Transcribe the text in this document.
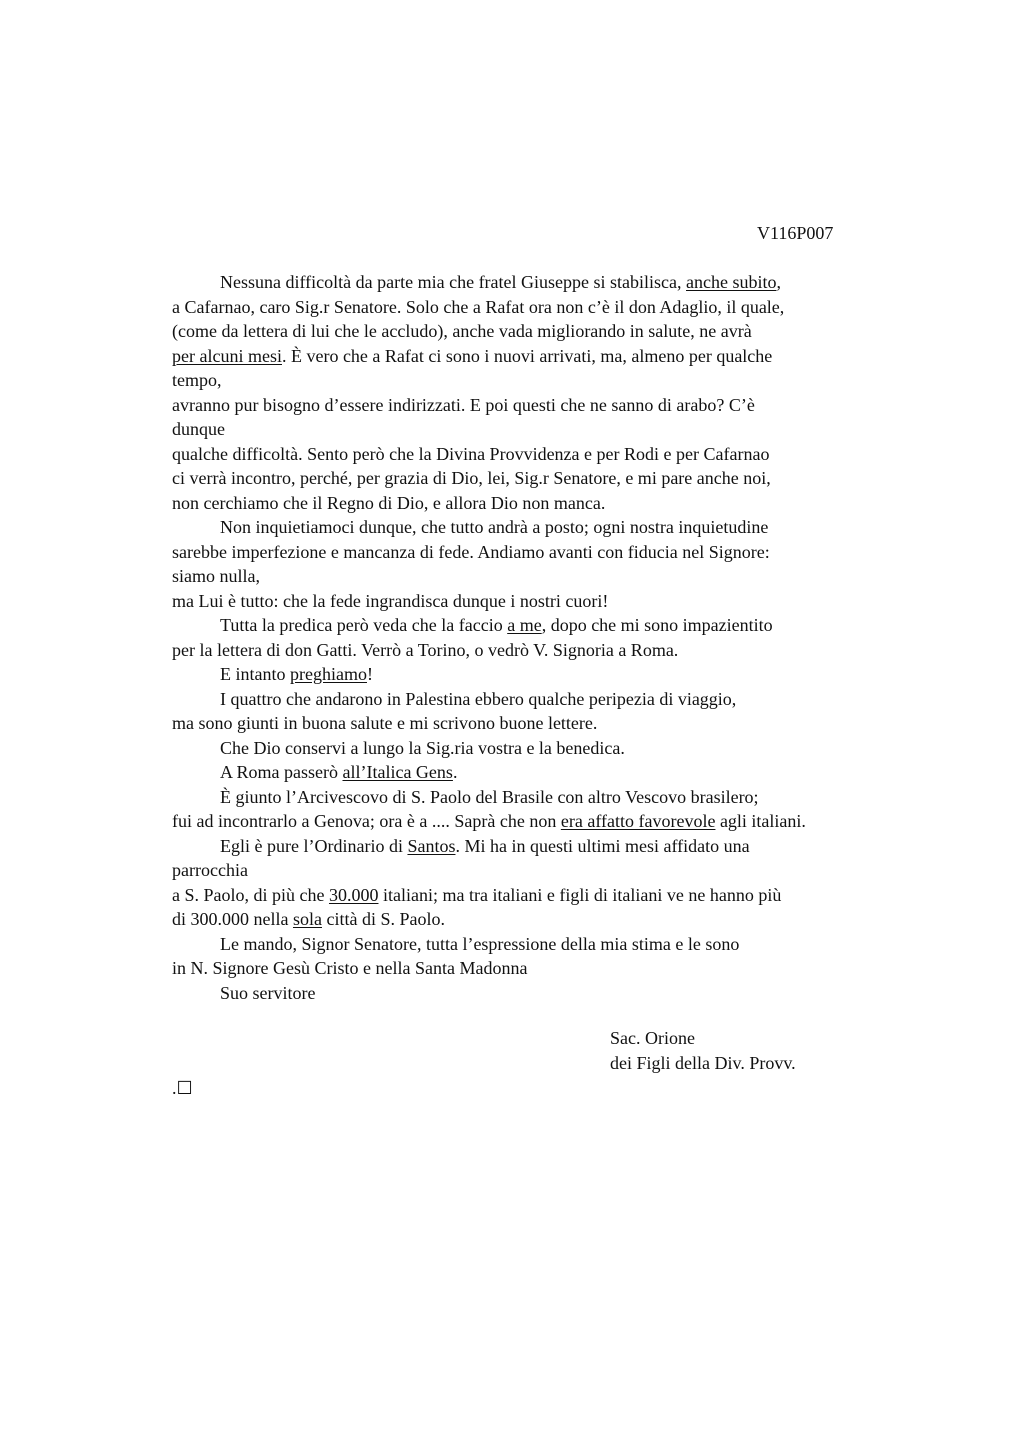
V116P007
Nessuna difficoltà da parte mia che fratel Giuseppe si stabilisca, anche subito,
a Cafarnao, caro Sig.r Senatore. Solo che a Rafat ora non c’è il don Adaglio, il quale,
(come da lettera di lui che le accludo), anche vada migliorando in salute, ne avrà
per alcuni mesi. È vero che a Rafat ci sono i nuovi arrivati, ma, almeno per qualche
tempo,
avranno pur bisogno d’essere indirizzati. E poi questi che ne sanno di arabo? C’è
dunque
qualche difficoltà. Sento però che la Divina Provvidenza e per Rodi e per Cafarnao
ci verrà incontro, perché, per grazia di Dio, lei, Sig.r Senatore, e mi pare anche noi,
non cerchiamo che il Regno di Dio, e allora Dio non manca.
Non inquietiamoci dunque, che tutto andrà a posto; ogni nostra inquietudine
sarebbe imperfezione e mancanza di fede. Andiamo avanti con fiducia nel Signore:
siamo nulla,
ma Lui è tutto: che la fede ingrandisca dunque i nostri cuori!
Tutta la predica però veda che la faccio a me, dopo che mi sono impazientito
per la lettera di don Gatti. Verrò a Torino, o vedrò V. Signoria a Roma.
E intanto preghiamo!
I quattro che andarono in Palestina ebbero qualche peripezia di viaggio,
ma sono giunti in buona salute e mi scrivono buone lettere.
Che Dio conservi a lungo la Sig.ria vostra e la benedica.
A Roma passerò all’Italica Gens.
È giunto l’Arcivescovo di S. Paolo del Brasile con altro Vescovo brasilero;
fui ad incontrarlo a Genova; ora è a .... Saprà che non era affatto favorevole agli italiani.
Egli è pure l’Ordinario di Santos. Mi ha in questi ultimi mesi affidato una
parrocchia
a S. Paolo, di più che 30.000 italiani; ma tra italiani e figli di italiani ve ne hanno più
di 300.000 nella sola città di S. Paolo.
Le mando, Signor Senatore, tutta l’espressione della mia stima e le sono
in N. Signore Gesù Cristo e nella Santa Madonna
Suo servitore
Sac. Orione
dei Figli della Div. Provv.
.☐
